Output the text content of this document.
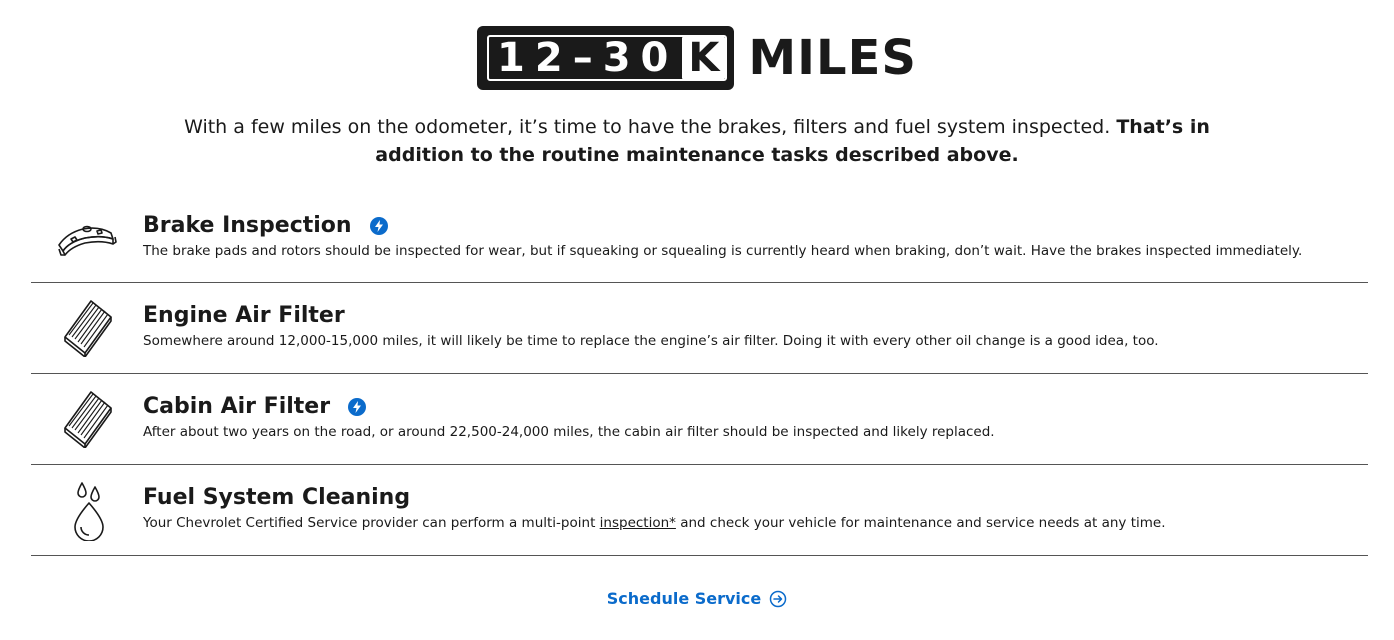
12–30 K MILES
With a few miles on the odometer, it’s time to have the brakes, filters and fuel system inspected. That’s in addition to the routine maintenance tasks described above.
Brake Inspection
The brake pads and rotors should be inspected for wear, but if squeaking or squealing is currently heard when braking, don’t wait. Have the brakes inspected immediately.
Engine Air Filter
Somewhere around 12,000-15,000 miles, it will likely be time to replace the engine’s air filter. Doing it with every other oil change is a good idea, too.
Cabin Air Filter
After about two years on the road, or around 22,500-24,000 miles, the cabin air filter should be inspected and likely replaced.
Fuel System Cleaning
Your Chevrolet Certified Service provider can perform a multi-point inspection* and check your vehicle for maintenance and service needs at any time.
Schedule Service
